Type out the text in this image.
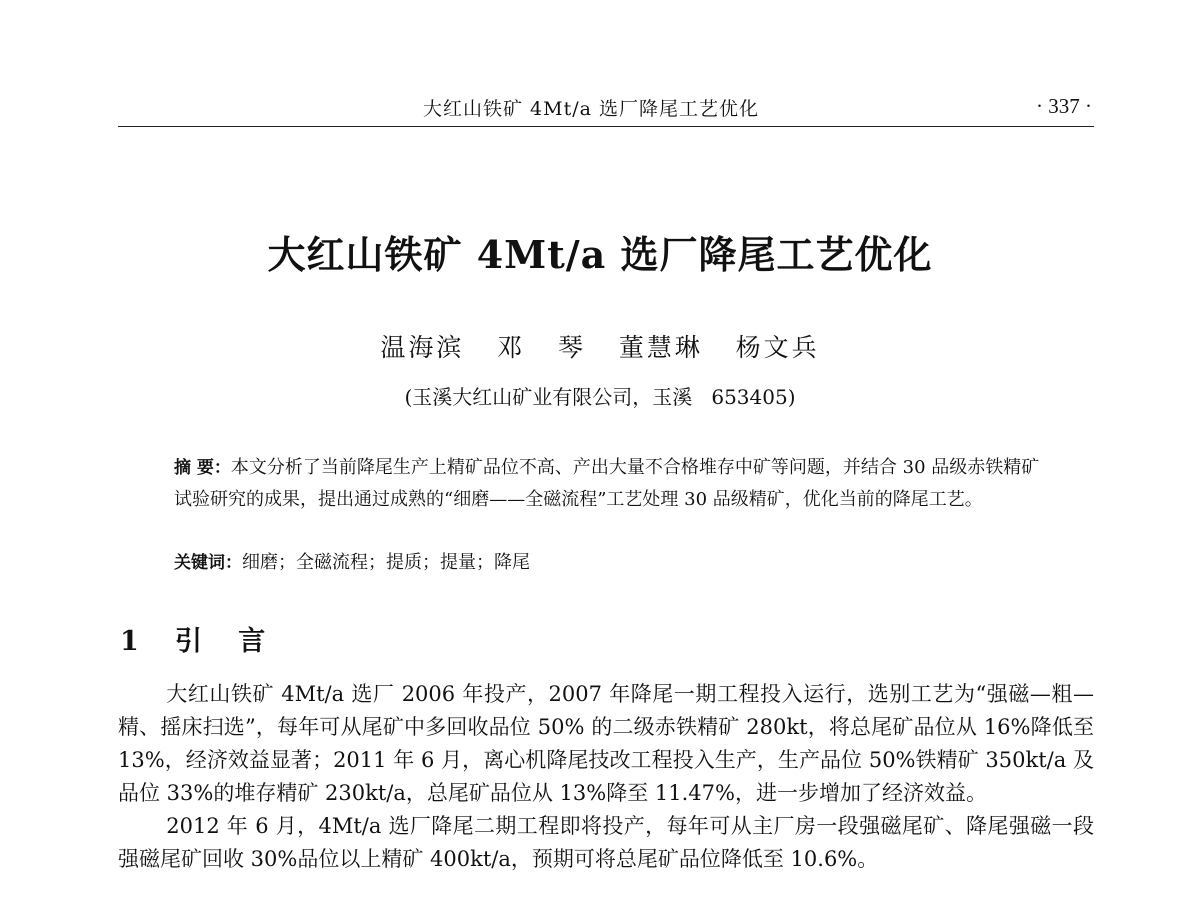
大红山铁矿 4Mt/a 选厂降尾工艺优化	· 337 ·
大红山铁矿 4Mt/a 选厂降尾工艺优化
温海滨   邓   琴   董慧琳   杨文兵
(玉溪大红山矿业有限公司，玉溪   653405)
摘 要：本文分析了当前降尾生产上精矿品位不高、产出大量不合格堆存中矿等问题，并结合 30 品级赤铁精矿试验研究的成果，提出通过成熟的“细磨——全磁流程”工艺处理 30 品级精矿，优化当前的降尾工艺。
关键词：细磨；全磁流程；提质；提量；降尾
1 引   言

大红山铁矿 4Mt/a 选厂 2006 年投产，2007 年降尾一期工程投入运行，选别工艺为“强磁—粗—精、摇床扫选”，每年可从尾矿中多回收品位 50% 的二级赤铁精矿 280kt，将总尾矿品位从 16%降低至 13%，经济效益显著；2011 年 6 月，离心机降尾技改工程投入生产，生产品位 50%铁精矿 350kt/a 及品位 33%的堆存精矿 230kt/a，总尾矿品位从 13%降至 11.47%，进一步增加了经济效益。

2012 年 6 月，4Mt/a 选厂降尾二期工程即将投产，每年可从主厂房一段强磁尾矿、降尾强磁一段强磁尾矿回收 30%品位以上精矿 400kt/a，预期可将总尾矿品位降低至 10.6%。
